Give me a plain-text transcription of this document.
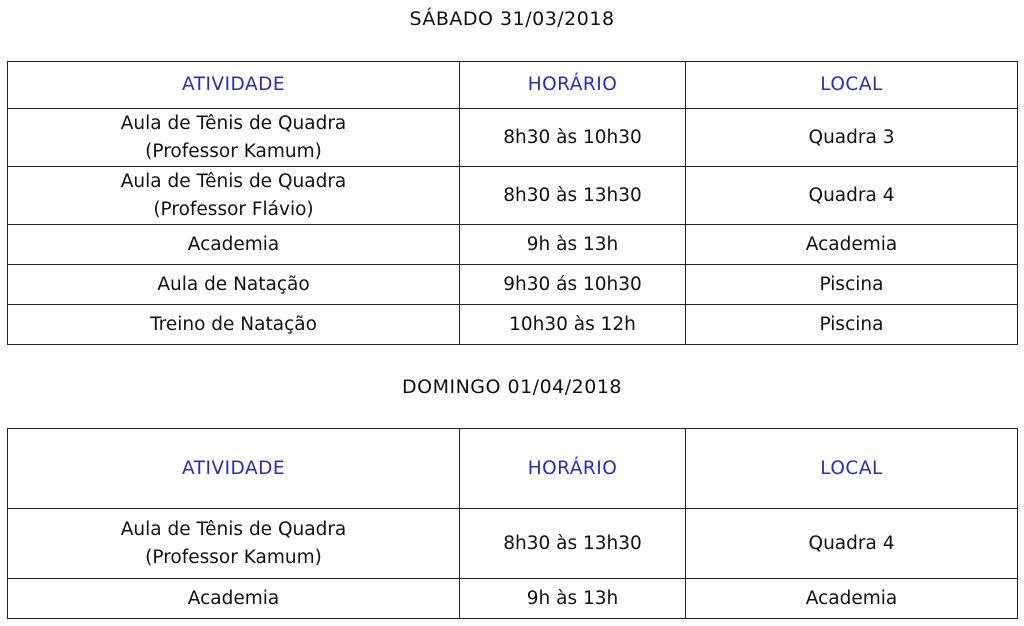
SÁBADO 31/03/2018
ATIVIDADE	HORÁRIO	LOCAL

Aula de Tênis de Quadra
(Professor Kamum)	8h30 às 10h30	Quadra 3

Aula de Tênis de Quadra
(Professor Flávio)	8h30 às 13h30	Quadra 4
Academia	9h às 13h	Academia
Aula de Natação	9h30 ás 10h30	Piscina
Treino de Natação	10h30 às 12h	Piscina
DOMINGO 01/04/2018
ATIVIDADE	HORÁRIO	LOCAL

Aula de Tênis de Quadra
(Professor Kamum)	8h30 às 13h30	Quadra 4
Academia	9h às 13h	Academia
